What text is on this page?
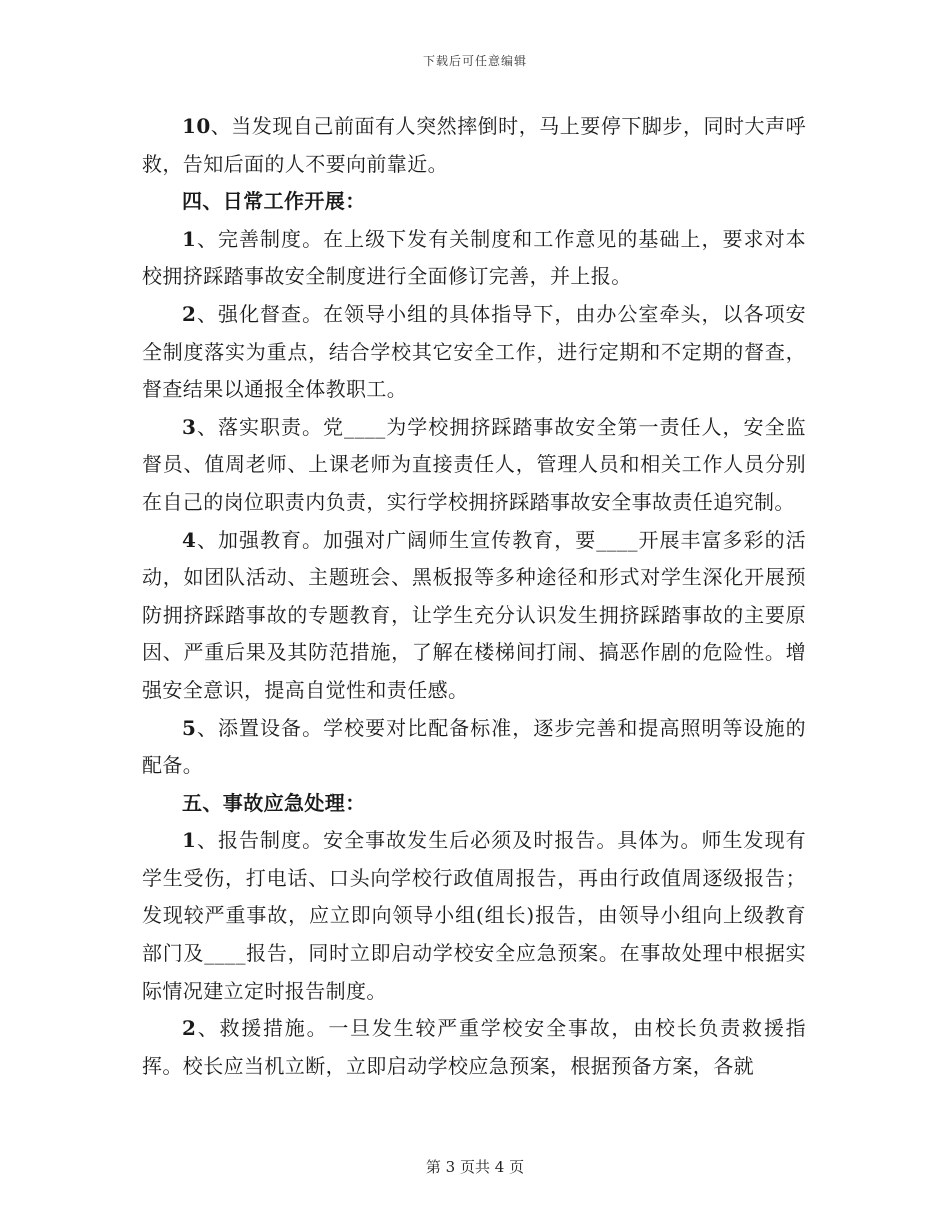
下载后可任意编辑

10、当发现自己前面有人突然摔倒时，马上要停下脚步，同时大声呼救，告知后面的人不要向前靠近。

四、日常工作开展：

1、完善制度。在上级下发有关制度和工作意见的基础上，要求对本校拥挤踩踏事故安全制度进行全面修订完善，并上报。

2、强化督查。在领导小组的具体指导下，由办公室牵头，以各项安全制度落实为重点，结合学校其它安全工作，进行定期和不定期的督查，督查结果以通报全体教职工。

3、落实职责。党____为学校拥挤踩踏事故安全第一责任人，安全监督员、值周老师、上课老师为直接责任人，管理人员和相关工作人员分别在自己的岗位职责内负责，实行学校拥挤踩踏事故安全事故责任追究制。

4、加强教育。加强对广阔师生宣传教育，要____开展丰富多彩的活动，如团队活动、主题班会、黑板报等多种途径和形式对学生深化开展预防拥挤踩踏事故的专题教育，让学生充分认识发生拥挤踩踏事故的主要原因、严重后果及其防范措施，了解在楼梯间打闹、搞恶作剧的危险性。增强安全意识，提高自觉性和责任感。

5、添置设备。学校要对比配备标准，逐步完善和提高照明等设施的配备。

五、事故应急处理：

1、报告制度。安全事故发生后必须及时报告。具体为。师生发现有学生受伤，打电话、口头向学校行政值周报告，再由行政值周逐级报告；发现较严重事故，应立即向领导小组(组长)报告，由领导小组向上级教育部门及____报告，同时立即启动学校安全应急预案。在事故处理中根据实际情况建立定时报告制度。

2、救援措施。一旦发生较严重学校安全事故，由校长负责救援指挥。校长应当机立断，立即启动学校应急预案，根据预备方案，各就

第 3 页共 4 页
